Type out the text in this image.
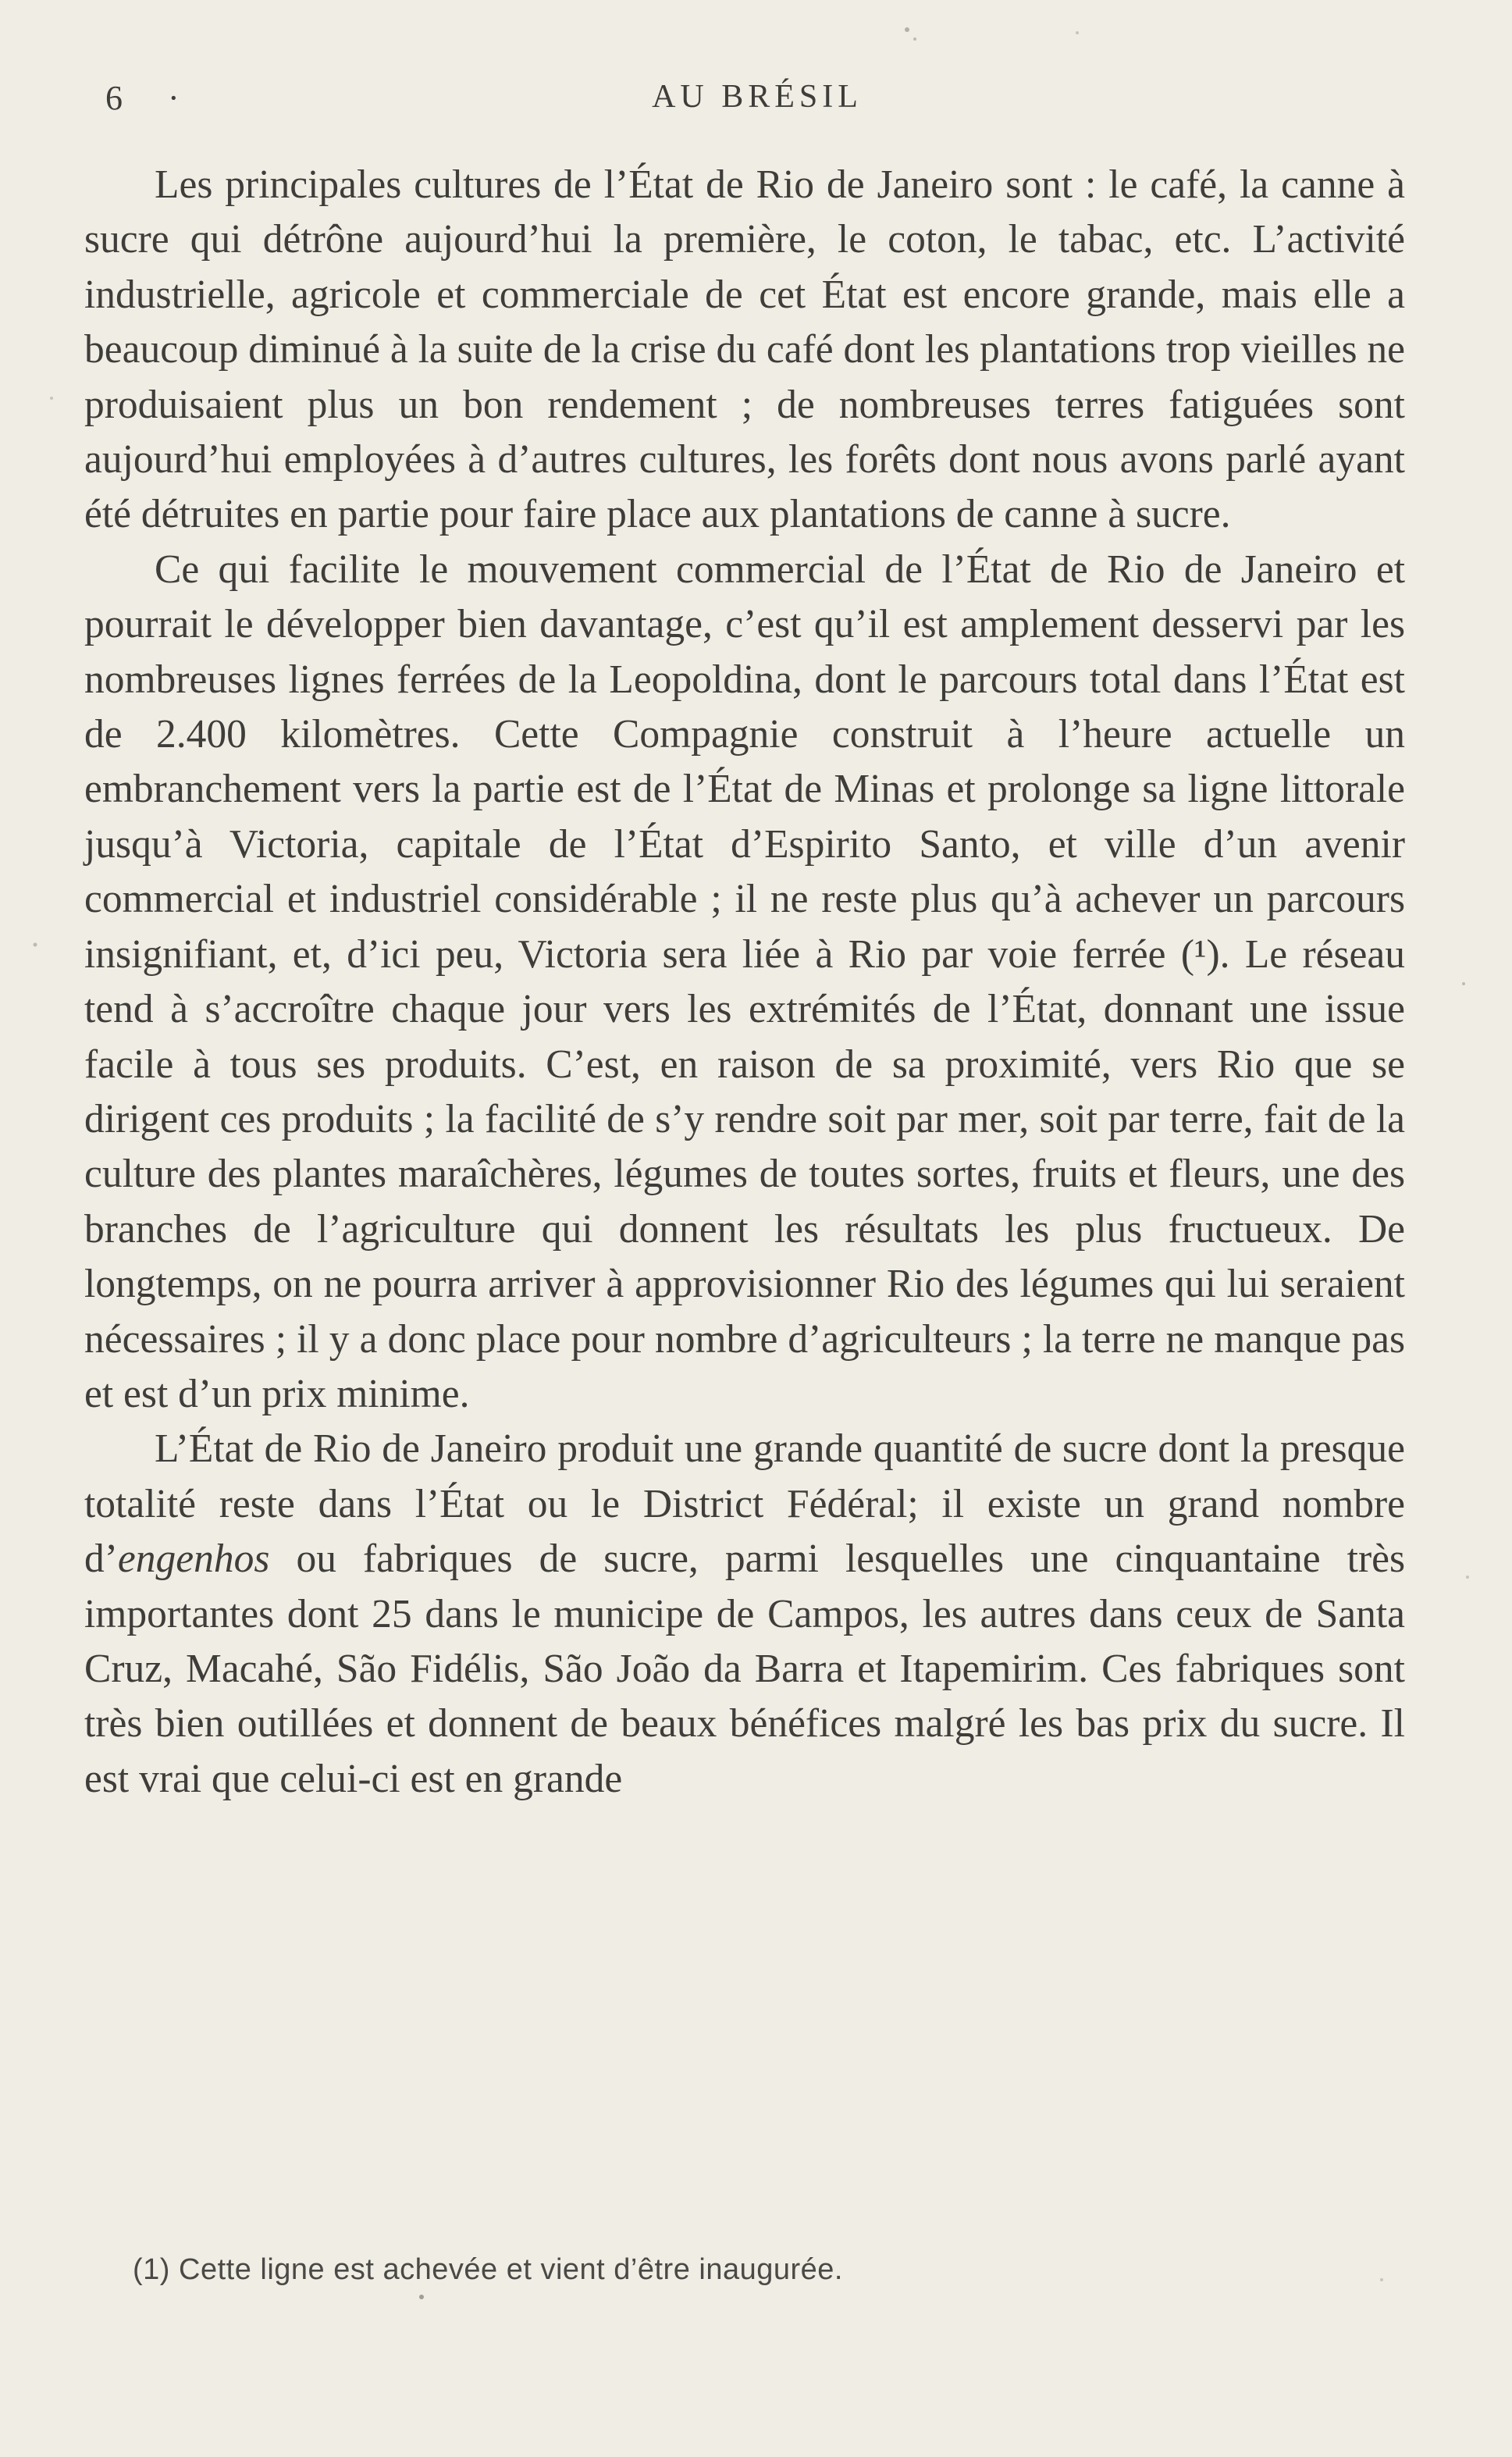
6 ·	AU BRÉSIL

Les principales cultures de l’État de Rio de Janeiro sont : le café, la canne à sucre qui détrône aujourd’hui la première, le coton, le tabac, etc. L’activité industrielle, agricole et commerciale de cet État est encore grande, mais elle a beaucoup diminué à la suite de la crise du café dont les plantations trop vieilles ne produisaient plus un bon rendement ; de nombreuses terres fatiguées sont aujourd’hui employées à d’autres cultures, les forêts dont nous avons parlé ayant été détruites en partie pour faire place aux plantations de canne à sucre.

Ce qui facilite le mouvement commercial de l’État de Rio de Janeiro et pourrait le développer bien davantage, c’est qu’il est amplement desservi par les nombreuses lignes ferrées de la Leopoldina, dont le parcours total dans l’État est de 2.400 kilomètres. Cette Compagnie construit à l’heure actuelle un embranchement vers la partie est de l’État de Minas et prolonge sa ligne littorale jusqu’à Victoria, capitale de l’État d’Espirito Santo, et ville d’un avenir commercial et industriel considérable ; il ne reste plus qu’à achever un parcours insignifiant, et, d’ici peu, Victoria sera liée à Rio par voie ferrée (¹). Le réseau tend à s’accroître chaque jour vers les extrémités de l’État, donnant une issue facile à tous ses produits. C’est, en raison de sa proximité, vers Rio que se dirigent ces produits ; la facilité de s’y rendre soit par mer, soit par terre, fait de la culture des plantes maraîchères, légumes de toutes sortes, fruits et fleurs, une des branches de l’agriculture qui donnent les résultats les plus fructueux. De longtemps, on ne pourra arriver à approvisionner Rio des légumes qui lui seraient nécessaires ; il y a donc place pour nombre d’agriculteurs ; la terre ne manque pas et est d’un prix minime.

L’État de Rio de Janeiro produit une grande quantité de sucre dont la presque totalité reste dans l’État ou le District Fédéral; il existe un grand nombre d’engenhos ou fabriques de sucre, parmi lesquelles une cinquantaine très importantes dont 25 dans le municipe de Campos, les autres dans ceux de Santa Cruz, Macahé, São Fidélis, São João da Barra et Itapemirim. Ces fabriques sont très bien outillées et donnent de beaux bénéfices malgré les bas prix du sucre. Il est vrai que celui-ci est en grande

(1) Cette ligne est achevée et vient d’être inaugurée.
